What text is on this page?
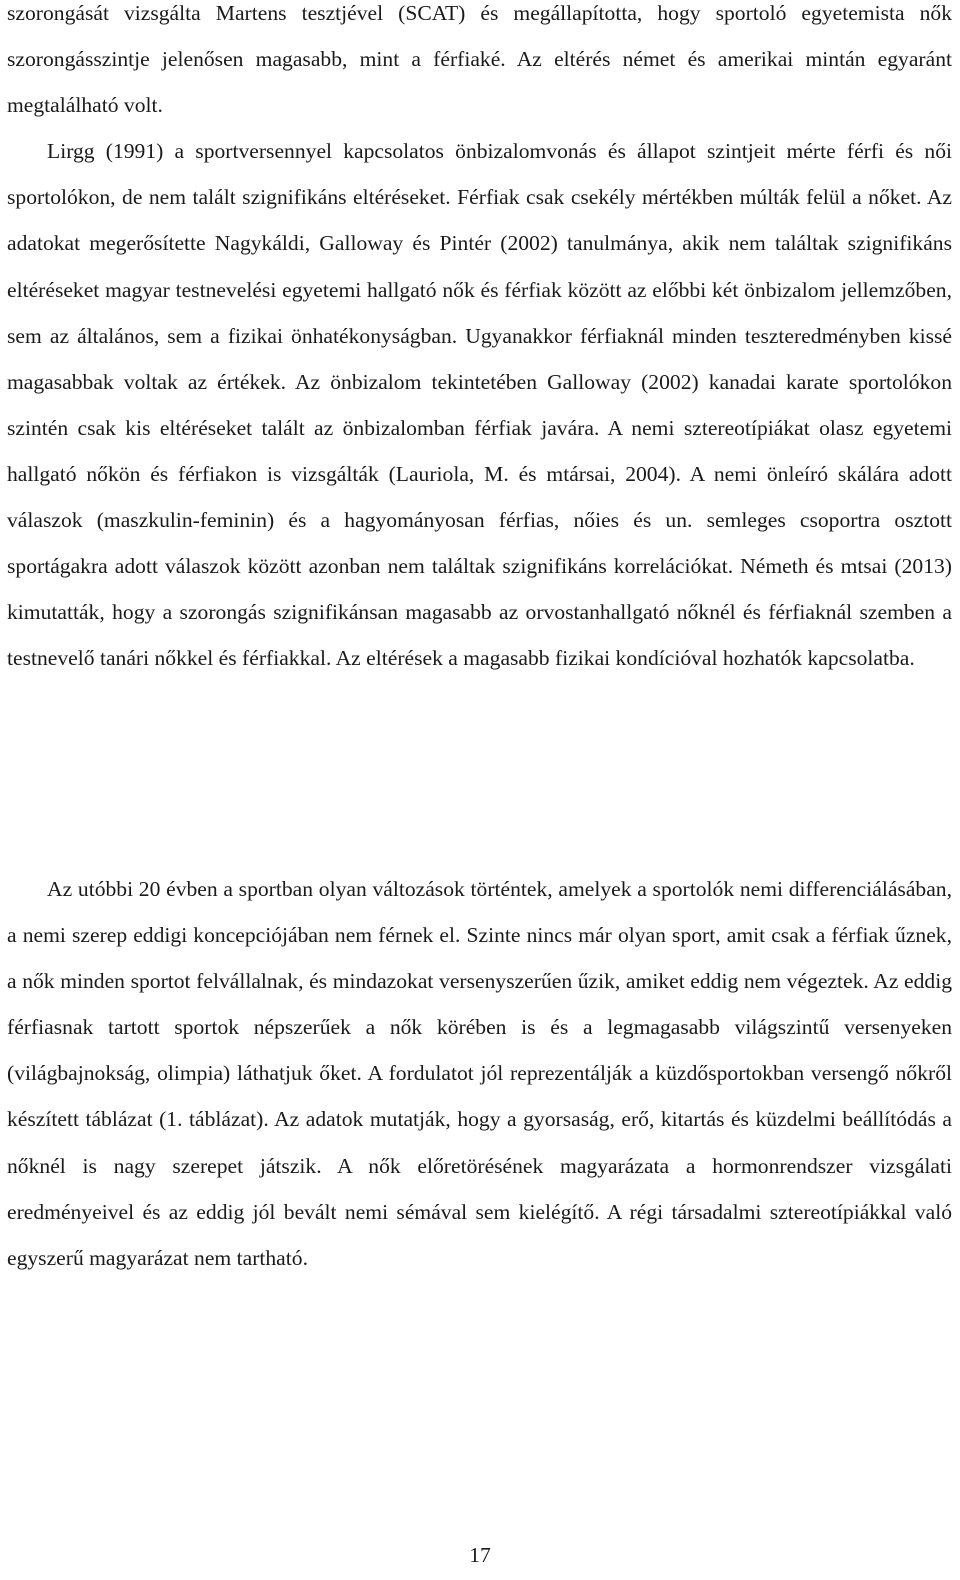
szorongását vizsgálta Martens tesztjével (SCAT) és megállapította, hogy sportoló egyetemista nők szorongásszintje jelenősen magasabb, mint a férfiaké. Az eltérés német és amerikai mintán egyaránt megtalálható volt.

Lirgg (1991) a sportversennyel kapcsolatos önbizalomvonás és állapot szintjeit mérte férfi és női sportolókon, de nem talált szignifikáns eltéréseket. Férfiak csak csekély mértékben múlták felül a nőket. Az adatokat megerősítette Nagykáldi, Galloway és Pintér (2002) tanulmánya, akik nem találtak szignifikáns eltéréseket magyar testnevelési egyetemi hallgató nők és férfiak között az előbbi két önbizalom jellemzőben, sem az általános, sem a fizikai önhatékonyságban. Ugyanakkor férfiaknál minden teszteredményben kissé magasabbak voltak az értékek. Az önbizalom tekintetében Galloway (2002) kanadai karate sportolókon szintén csak kis eltéréseket talált az önbizalomban férfiak javára. A nemi sztereotípiákat olasz egyetemi hallgató nőkön és férfiakon is vizsgálták (Lauriola, M. és mtársai, 2004). A nemi önleíró skálára adott válaszok (maszkulin-feminin) és a hagyományosan férfias, nőies és un. semleges csoportra osztott sportágakra adott válaszok között azonban nem találtak szignifikáns korrelációkat. Németh és mtsai (2013) kimutatták, hogy a szorongás szignifikánsan magasabb az orvostanhallgató nőknél és férfiaknál szemben a testnevelő tanári nőkkel és férfiakkal. Az eltérések a magasabb fizikai kondícióval hozhatók kapcsolatba.

Az utóbbi 20 évben a sportban olyan változások történtek, amelyek a sportolók nemi differenciálásában, a nemi szerep eddigi koncepciójában nem férnek el. Szinte nincs már olyan sport, amit csak a férfiak űznek, a nők minden sportot felvállalnak, és mindazokat versenyszerűen űzik, amiket eddig nem végeztek. Az eddig férfiasnak tartott sportok népszerűek a nők körében is és a legmagasabb világszintű versenyeken (világbajnokság, olimpia) láthatjuk őket. A fordulatot jól reprezentálják a küzdősportokban versengő nőkről készített táblázat (1. táblázat). Az adatok mutatják, hogy a gyorsaság, erő, kitartás és küzdelmi beállítódás a nőknél is nagy szerepet játszik. A nők előretörésének magyarázata a hormonrendszer vizsgálati eredményeivel és az eddig jól bevált nemi sémával sem kielégítő. A régi társadalmi sztereotípiákkal való egyszerű magyarázat nem tartható.

17
